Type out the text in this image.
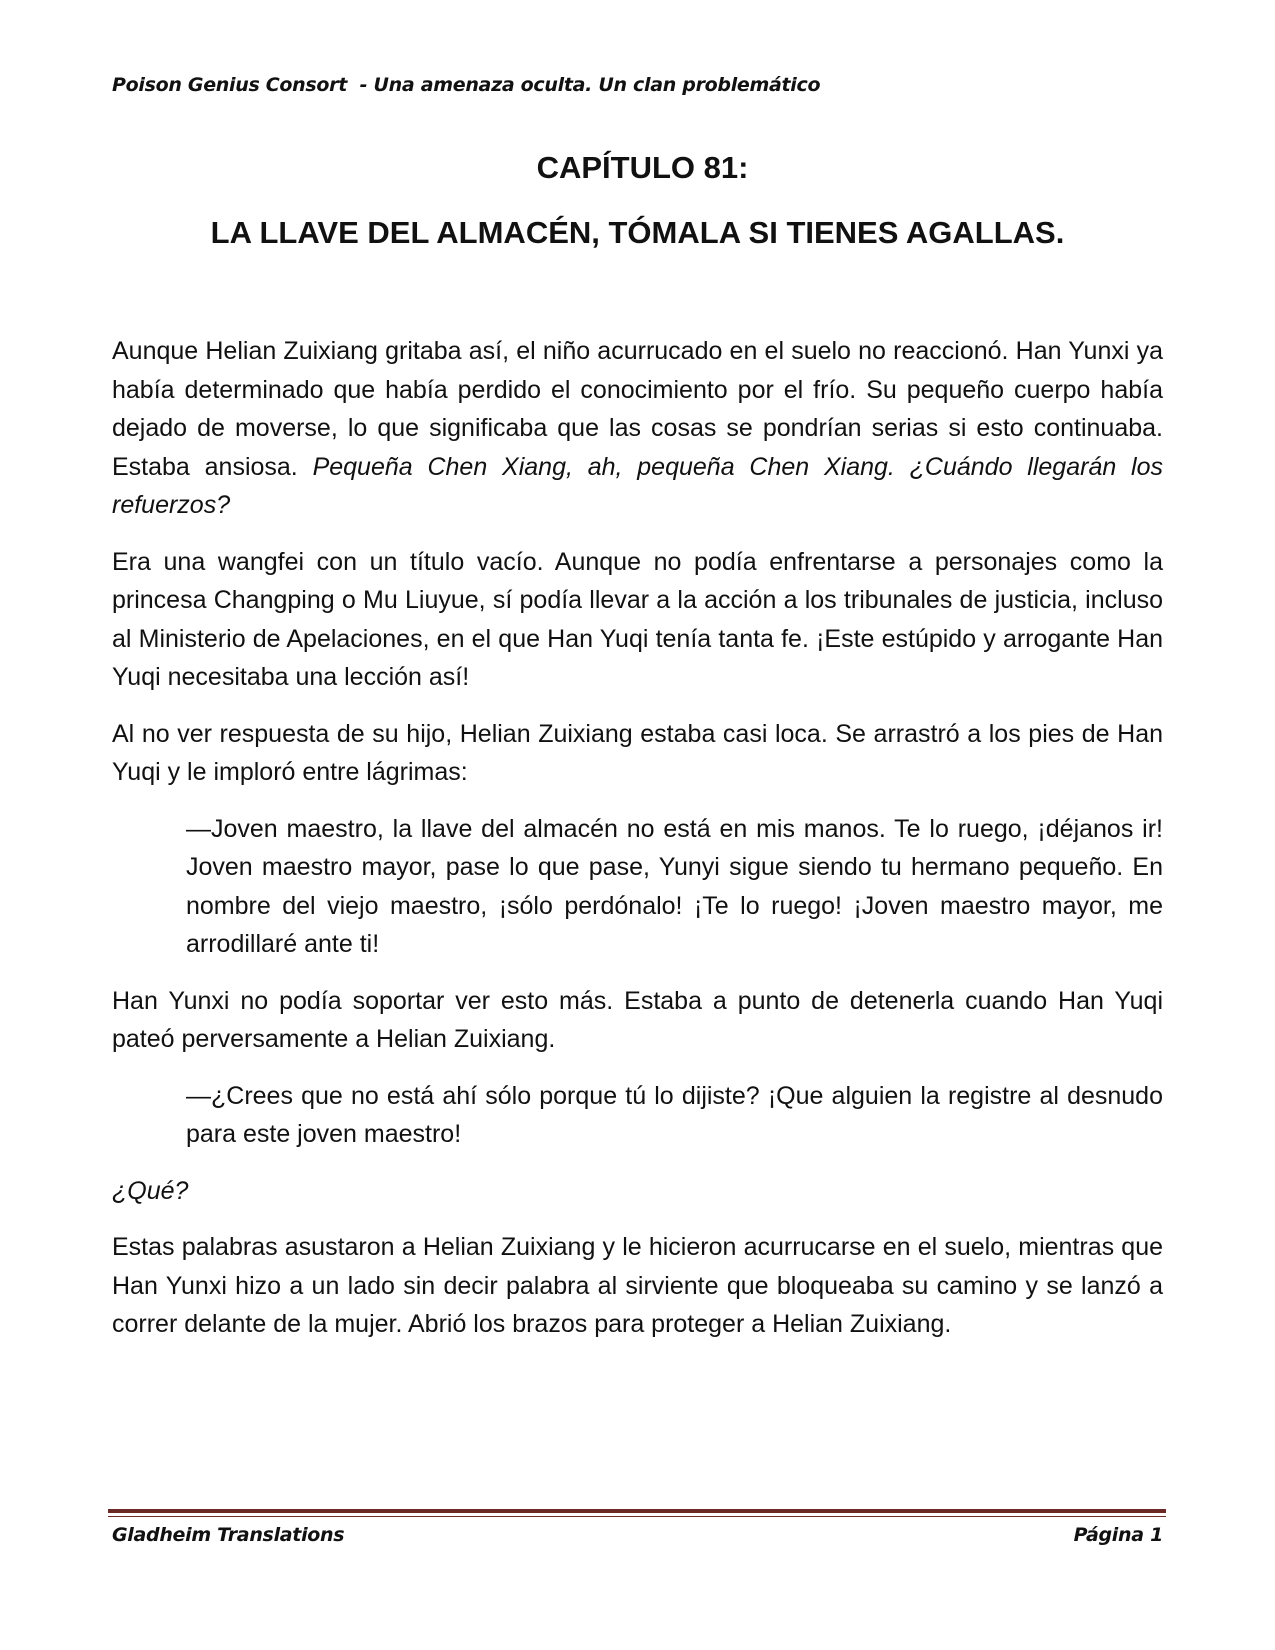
Poison Genius Consort  - Una amenaza oculta. Un clan problemático
CAPÍTULO 81:
LA LLAVE DEL ALMACÉN, TÓMALA SI TIENES AGALLAS.

Aunque Helian Zuixiang gritaba así, el niño acurrucado en el suelo no reaccionó. Han Yunxi ya había determinado que había perdido el conocimiento por el frío. Su pequeño cuerpo había dejado de moverse, lo que significaba que las cosas se pondrían serias si esto continuaba. Estaba ansiosa. Pequeña Chen Xiang, ah, pequeña Chen Xiang. ¿Cuándo llegarán los refuerzos?

Era una wangfei con un título vacío. Aunque no podía enfrentarse a personajes como la princesa Changping o Mu Liuyue, sí podía llevar a la acción a los tribunales de justicia, incluso al Ministerio de Apelaciones, en el que Han Yuqi tenía tanta fe. ¡Este estúpido y arrogante Han Yuqi necesitaba una lección así!

Al no ver respuesta de su hijo, Helian Zuixiang estaba casi loca. Se arrastró a los pies de Han Yuqi y le imploró entre lágrimas:

—Joven maestro, la llave del almacén no está en mis manos. Te lo ruego, ¡déjanos ir! Joven maestro mayor, pase lo que pase, Yunyi sigue siendo tu hermano pequeño. En nombre del viejo maestro, ¡sólo perdónalo! ¡Te lo ruego! ¡Joven maestro mayor, me arrodillaré ante ti!

Han Yunxi no podía soportar ver esto más. Estaba a punto de detenerla cuando Han Yuqi pateó perversamente a Helian Zuixiang.

—¿Crees que no está ahí sólo porque tú lo dijiste? ¡Que alguien la registre al desnudo para este joven maestro!

¿Qué?

Estas palabras asustaron a Helian Zuixiang y le hicieron acurrucarse en el suelo, mientras que Han Yunxi hizo a un lado sin decir palabra al sirviente que bloqueaba su camino y se lanzó a correr delante de la mujer. Abrió los brazos para proteger a Helian Zuixiang.

Gladheim Translations	Página 1
